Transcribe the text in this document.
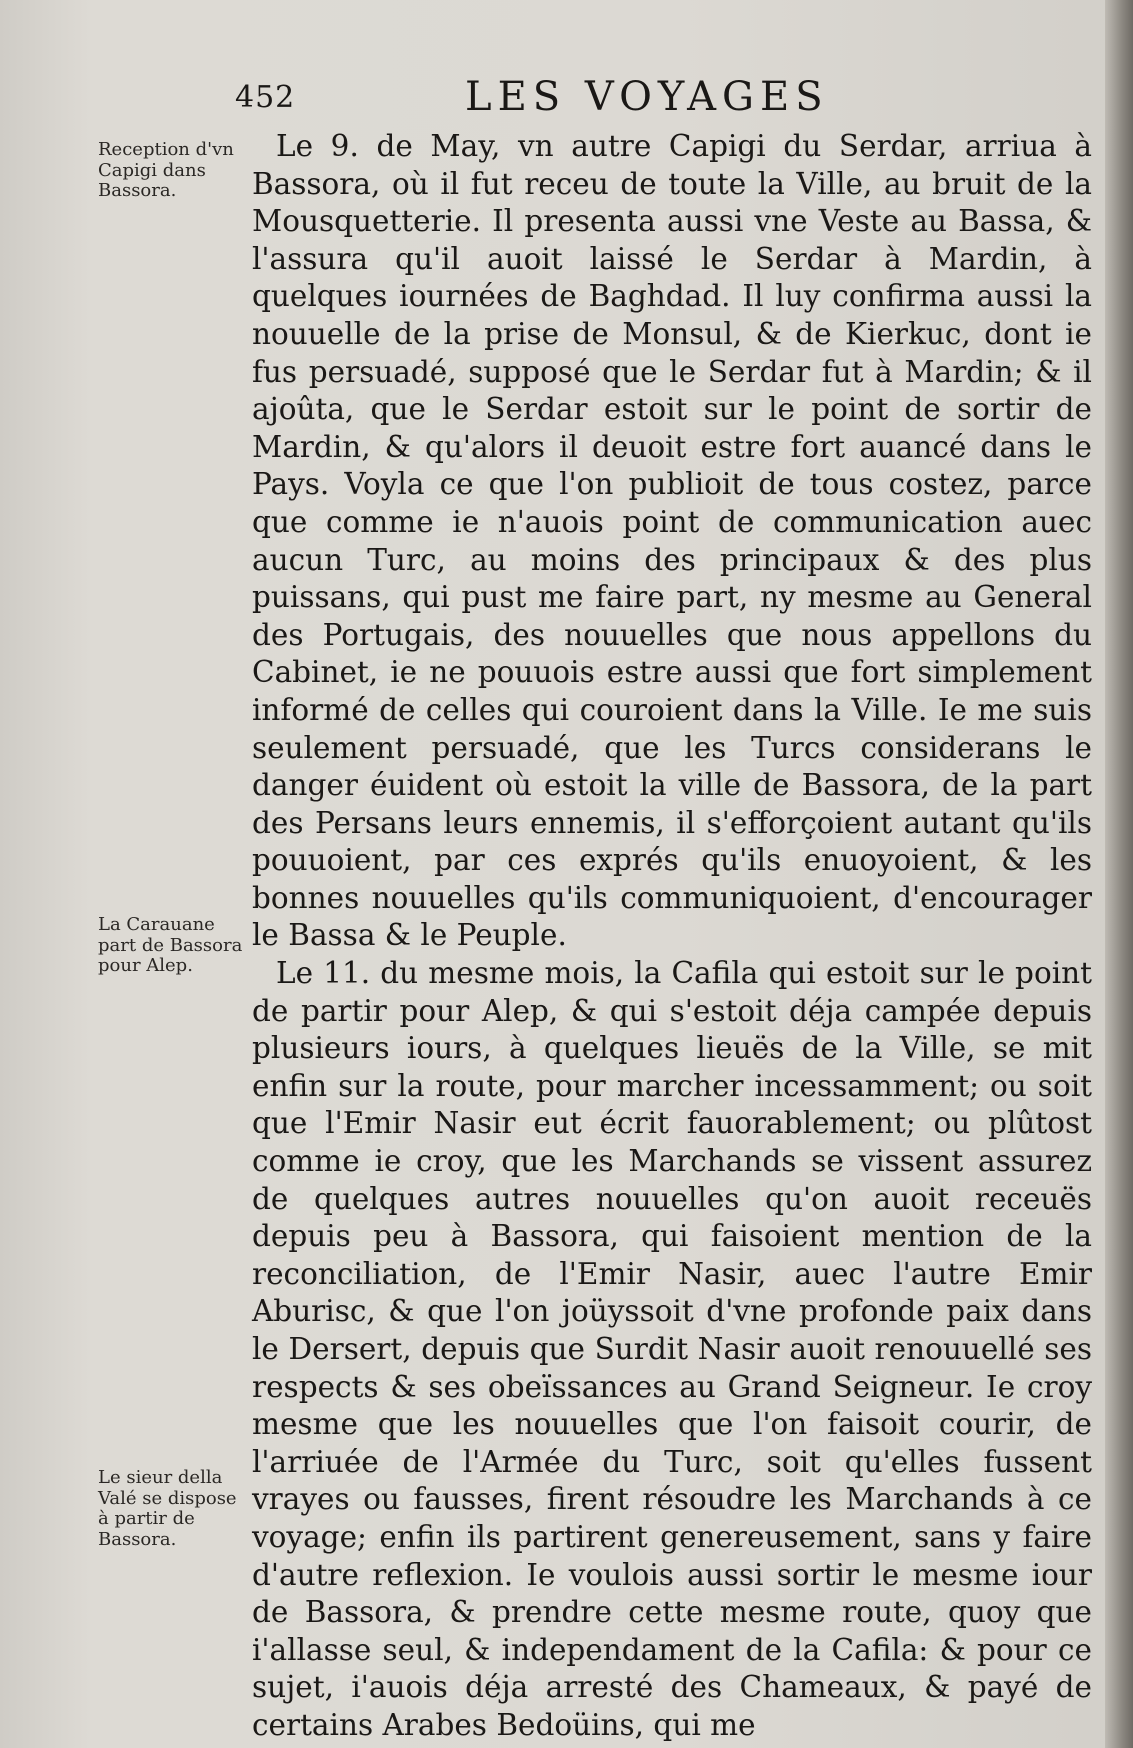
452	LES VOYAGES
Reception d'vn Capigi dans Bassora.
La Carauane part de Bassora pour Alep.
Le sieur della Valé se dispose à partir de Bassora.

Le 9. de May, vn autre Capigi du Serdar, arriua à Bassora, où il fut receu de toute la Ville, au bruit de la Mousquetterie. Il presenta aussi vne Veste au Bassa, & l'assura qu'il auoit laissé le Serdar à Mardin, à quelques iournées de Baghdad. Il luy confirma aussi la nouuelle de la prise de Monsul, & de Kierkuc, dont ie fus persuadé, supposé que le Serdar fut à Mardin; & il ajoûta, que le Serdar estoit sur le point de sortir de Mardin, & qu'alors il deuoit estre fort auancé dans le Pays. Voyla ce que l'on publioit de tous costez, parce que comme ie n'auois point de communication auec aucun Turc, au moins des principaux & des plus puissans, qui pust me faire part, ny mesme au General des Portugais, des nouuelles que nous appellons du Cabinet, ie ne pouuois estre aussi que fort simplement informé de celles qui couroient dans la Ville. Ie me suis seulement persuadé, que les Turcs considerans le danger éuident où estoit la ville de Bassora, de la part des Persans leurs ennemis, il s'efforçoient autant qu'ils pouuoient, par ces exprés qu'ils enuoyoient, & les bonnes nouuelles qu'ils communiquoient, d'encourager le Bassa & le Peuple.

Le 11. du mesme mois, la Cafila qui estoit sur le point de partir pour Alep, & qui s'estoit déja campée depuis plusieurs iours, à quelques lieuës de la Ville, se mit enfin sur la route, pour marcher incessamment; ou soit que l'Emir Nasir eut écrit fauorablement; ou plûtost comme ie croy, que les Marchands se vissent assurez de quelques autres nouuelles qu'on auoit receuës depuis peu à Bassora, qui faisoient mention de la reconciliation, de l'Emir Nasir, auec l'autre Emir Aburisc, & que l'on joüyssoit d'vne profonde paix dans le Dersert, depuis que Surdit Nasir auoit renouuellé ses respects & ses obeïssances au Grand Seigneur. Ie croy mesme que les nouuelles que l'on faisoit courir, de l'arriuée de l'Armée du Turc, soit qu'elles fussent vrayes ou fausses, firent résoudre les Marchands à ce voyage; enfin ils partirent genereusement, sans y faire d'autre reflexion. Ie voulois aussi sortir le mesme iour de Bassora, & prendre cette mesme route, quoy que i'allasse seul, & independament de la Cafila: & pour ce sujet, i'auois déja arresté des Chameaux, & payé de certains Arabes Bedoüins, qui me
